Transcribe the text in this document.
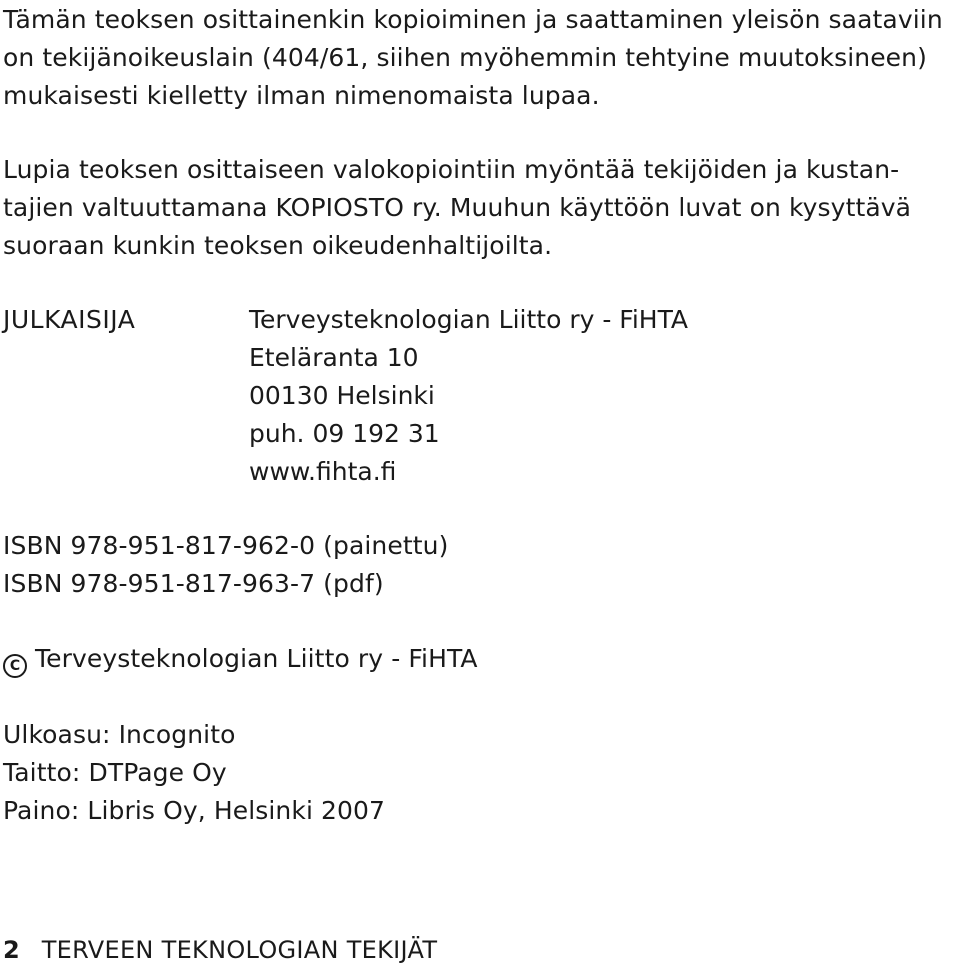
Tämän teoksen osittainenkin kopioiminen ja saattaminen yleisön saataviin

on tekijänoikeuslain (404/61, siihen myöhemmin tehtyine muutoksineen)

mukaisesti kielletty ilman nimenomaista lupaa.

Lupia teoksen osittaiseen valokopiointiin myöntää tekijöiden ja kustan-

tajien valtuuttamana KOPIOSTO ry. Muuhun käyttöön luvat on kysyttävä

suoraan kunkin teoksen oikeudenhaltijoilta.

JULKAISIJA	Terveysteknologian Liitto ry - FiHTA
Eteläranta 10
00130 Helsinki
puh. 09 192 31
www.fihta.fi

ISBN 978-951-817-962-0 (painettu)

ISBN 978-951-817-963-7 (pdf)

C Terveysteknologian Liitto ry - FiHTA

Ulkoasu: Incognito

Taitto: DTPage Oy

Paino: Libris Oy, Helsinki 2007

2 TERVEEN TEKNOLOGIAN TEKIJÄT
